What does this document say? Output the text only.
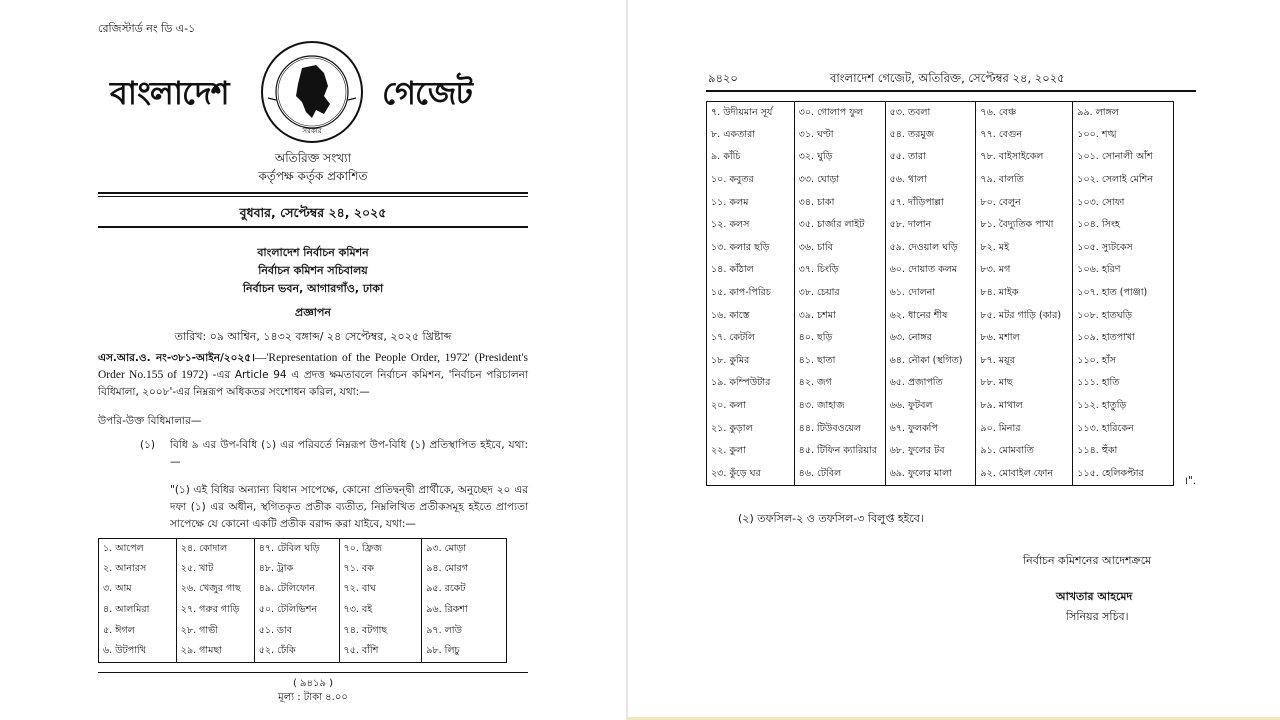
রেজিস্টার্ড নং ডি এ-১
বাংলাদেশ
সরকার
গেজেট
অতিরিক্ত সংখ্যা
কর্তৃপক্ষ কর্তৃক প্রকাশিত
বুধবার, সেপ্টেম্বর ২৪, ২০২৫
বাংলাদেশ নির্বাচন কমিশন
নির্বাচন কমিশন সচিবালয়
নির্বাচন ভবন, আগারগাঁও, ঢাকা
প্রজ্ঞাপন
তারিখ: ০৯ আশ্বিন, ১৪৩২ বঙ্গাব্দ/ ২৪ সেপ্টেম্বর, ২০২৫ খ্রিষ্টাব্দ
এস.আর.ও. নং-৩৮১-আইন/২০২৫।—'Representation of the People Order, 1972' (President's Order No.155 of 1972) -এর Article 94 এ প্রদত্ত ক্ষমতাবলে নির্বাচন কমিশন, 'নির্বাচন পরিচালনা বিধিমালা, ২০০৮'-এর নিম্নরূপ অধিকতর সংশোধন করিল, যথা:—
উপরি-উক্ত বিধিমালার—
(১)	বিধি ৯ এর উপ-বিধি (১) এর পরিবর্তে নিম্নরূপ উপ-বিধি (১) প্রতিস্থাপিত হইবে, যথা:—
"(১) এই বিধির অন্যান্য বিধান সাপেক্ষে, কোনো প্রতিদ্বন্দ্বী প্রার্থীকে, অনুচ্ছেদ ২০ এর দফা (১) এর অধীন, স্থগিতকৃত প্রতীক ব্যতীত, নিম্নলিখিত প্রতীকসমূহ হইতে প্রাপ্যতা সাপেক্ষে যে কোনো একটি প্রতীক বরাদ্দ করা যাইবে, যথা:—
১. আপেল	২৪. কোদাল	৪৭. টেবিল ঘড়ি	৭০. ফ্রিজ	৯৩. মোড়া
২. আনারস	২৫. খাট	৪৮. ট্রাক	৭১. বক	৯৪. মোরগ
৩. আম	২৬. খেজুর গাছ	৪৯. টেলিফোন	৭২. বাঘ	৯৫. রকেট
৪. আলমিরা	২৭. গরুর গাড়ি	৫০. টেলিভিশন	৭৩. বই	৯৬. রিকশা
৫. ঈগল	২৮. গাভী	৫১. ডাব	৭৪. বটগাছ	৯৭. লাউ
৬. উটপাখি	২৯. গামছা	৫২. ঢেঁকি	৭৫. বাঁশি	৯৮. লিচু
( ৯৪১৯ )
মূল্য : টাকা ৪.০০
৯৪২০	বাংলাদেশ গেজেট, অতিরিক্ত, সেপ্টেম্বর ২৪, ২০২৫
৭. উদীয়মান সূর্য	৩০. গোলাপ ফুল	৫৩. তবলা	৭৬. বেঞ্চ	৯৯. লাঙ্গল
৮. একতারা	৩১. ঘণ্টা	৫৪. তরমুজ	৭৭. বেগুন	১০০. শঙ্খ
৯. কাঁচি	৩২. ঘুড়ি	৫৫. তারা	৭৮. বাইসাইকেল	১০১. সোনালী আঁশ
১০. কবুতর	৩৩. ঘোড়া	৫৬. থালা	৭৯. বালতি	১০২. সেলাই মেশিন
১১. কলম	৩৪. চাকা	৫৭. দাঁড়িপাল্লা	৮০. বেলুন	১০৩. সোফা
১২. কলস	৩৫. চার্জার লাইট	৫৮. দালান	৮১. বৈদ্যুতিক পাখা	১০৪. সিংহ
১৩. কলার ছড়ি	৩৬. চাবি	৫৯. দেওয়াল ঘড়ি	৮২. মই	১০৫. স্যুটকেস
১৪. কাঁঠাল	৩৭. চিংড়ি	৬০. দোয়াত কলম	৮৩. মগ	১০৬. হরিণ
১৫. কাপ-পিরিচ	৩৮. চেয়ার	৬১. দোলনা	৮৪. মাইক	১০৭. হাত (পাঞ্জা)
১৬. কাস্তে	৩৯. চশমা	৬২. ধানের শীষ	৮৫. মটর গাড়ি (কার)	১০৮. হাতঘড়ি
১৭. কেটলি	৪০. ছড়ি	৬৩. নোঙ্গর	৮৬. মশাল	১০৯. হাতপাখা
১৮. কুমির	৪১. ছাতা	৬৪. নৌকা (স্থগিত)	৮৭. ময়ূর	১১০. হাঁস
১৯. কম্পিউটার	৪২. জগ	৬৫. প্রজাপতি	৮৮. মাছ	১১১. হাতি
২০. কলা	৪৩. জাহাজ	৬৬. ফুটবল	৮৯. মাথাল	১১২. হাতুড়ি
২১. কুড়াল	৪৪. টিউবওয়েল	৬৭. ফুলকপি	৯০. মিনার	১১৩. হারিকেন
২২. কুলা	৪৫. টিফিন ক্যারিয়ার	৬৮. ফুলের টব	৯১. মোমবাতি	১১৪. হুঁকা
২৩. কুঁড়ে ঘর	৪৬. টেবিল	৬৯. ফুলের মালা	৯২. মোবাইল ফোন	১১৫. হেলিকপ্টার
।".
(২) তফসিল-২ ও তফসিল-৩ বিলুপ্ত হইবে।
নির্বাচন কমিশনের আদেশক্রমে
আখতার আহমেদ
সিনিয়র সচিব।
